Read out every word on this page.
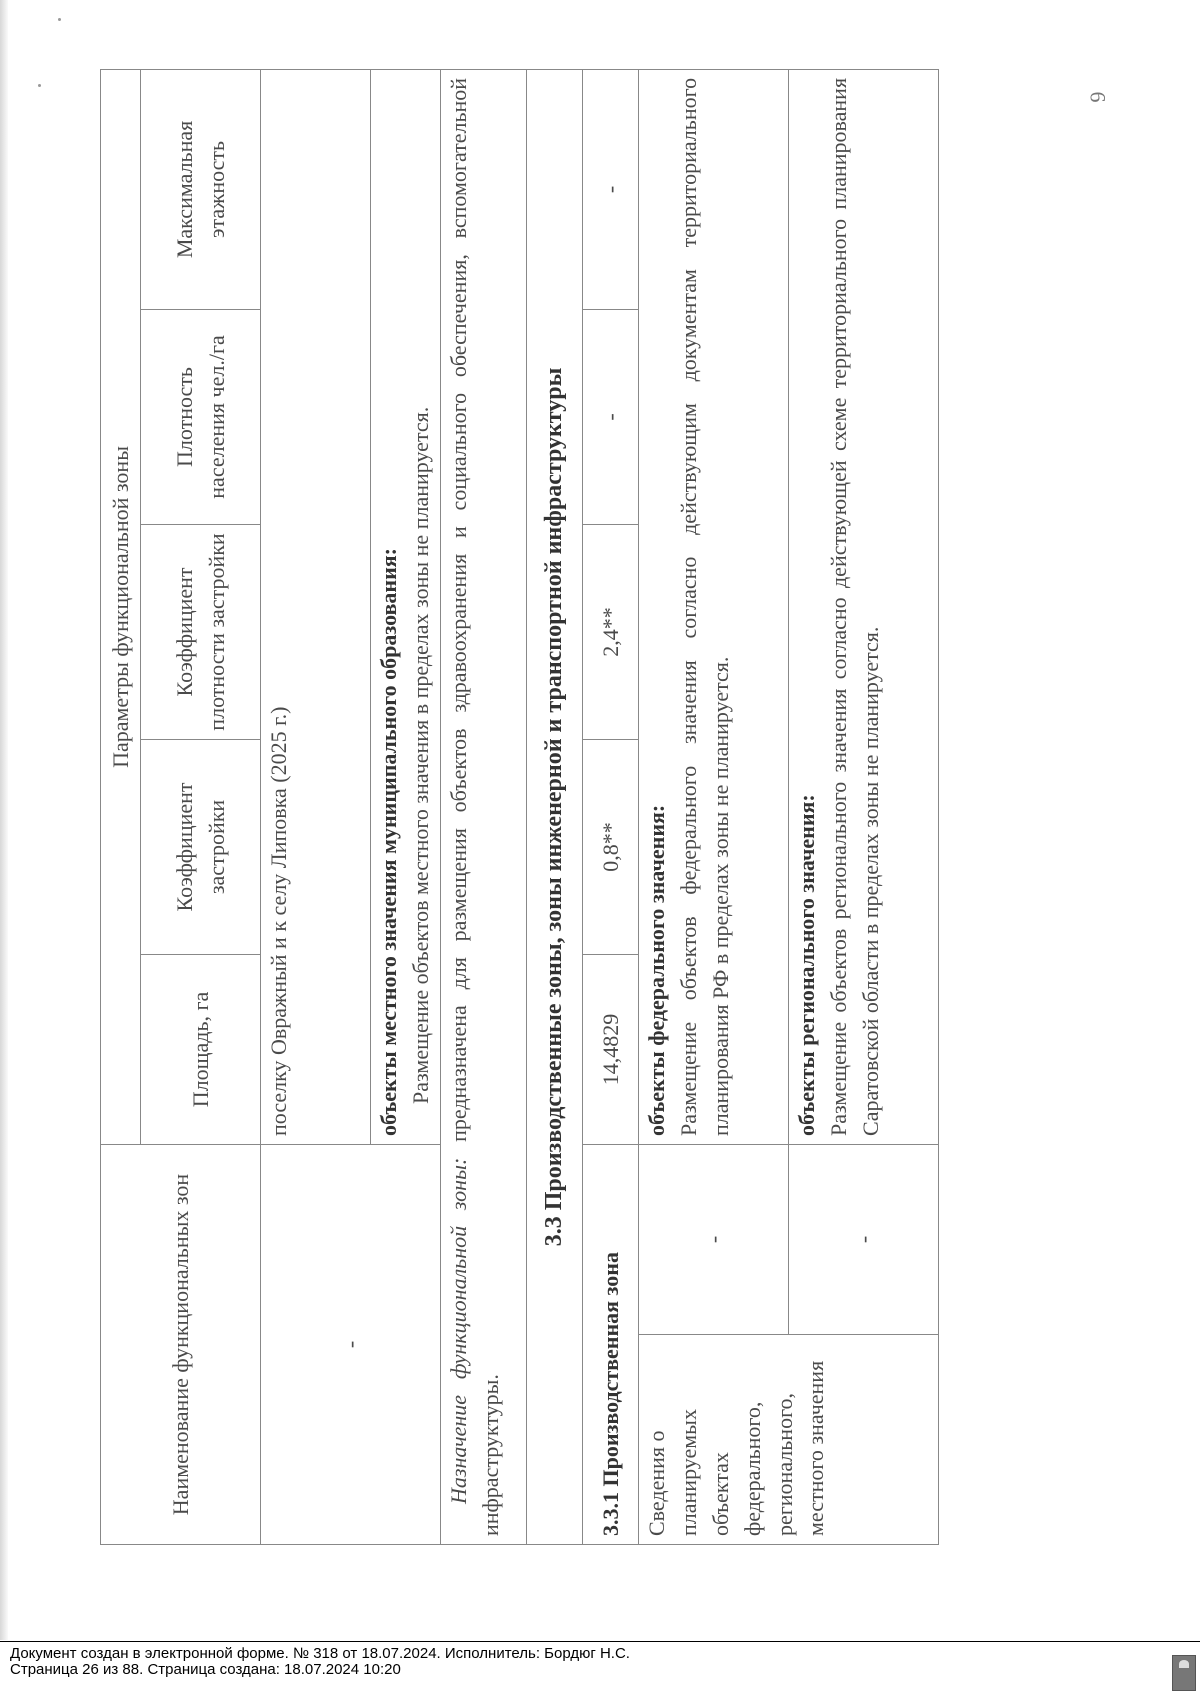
6
Наименование функциональных зон		Параметры функциональной зоны				
		Площадь, га	Коэффициент застройки	Коэффициент плотности застройки	Плотность населения чел./га	Максимальная этажность
-		поселку Овражный и к селу Липовка (2025 г.)				

		объекты местного значения муниципального образования: Размещение объектов местного значения в пределах зоны не планируется.				

Назначение функциональной зоны: предназначена для размещения объектов здравоохранения и социального обеспечения, вспомогательной инфраструктуры.						
3.3 Производственные зоны, зоны инженерной и транспортной инфраструктуры						
3.3.1 Производственная зона		14,4829	0,8**	2,4**	-	-
Сведения о планируемых объектах федерального, регионального, местного значения	-	объекты федерального значения: Размещение объектов федерального значения согласно действующим документам территориального планирования РФ в пределах зоны не планируется.				

	-	объекты регионального значения: Размещение объектов регионального значения согласно действующей схеме территориального планирования Саратовской области в пределах зоны не планируется.				
Документ создан в электронной форме. № 318 от 18.07.2024. Исполнитель: Бордюг Н.С.
Страница 26 из 88. Страница создана: 18.07.2024 10:20
